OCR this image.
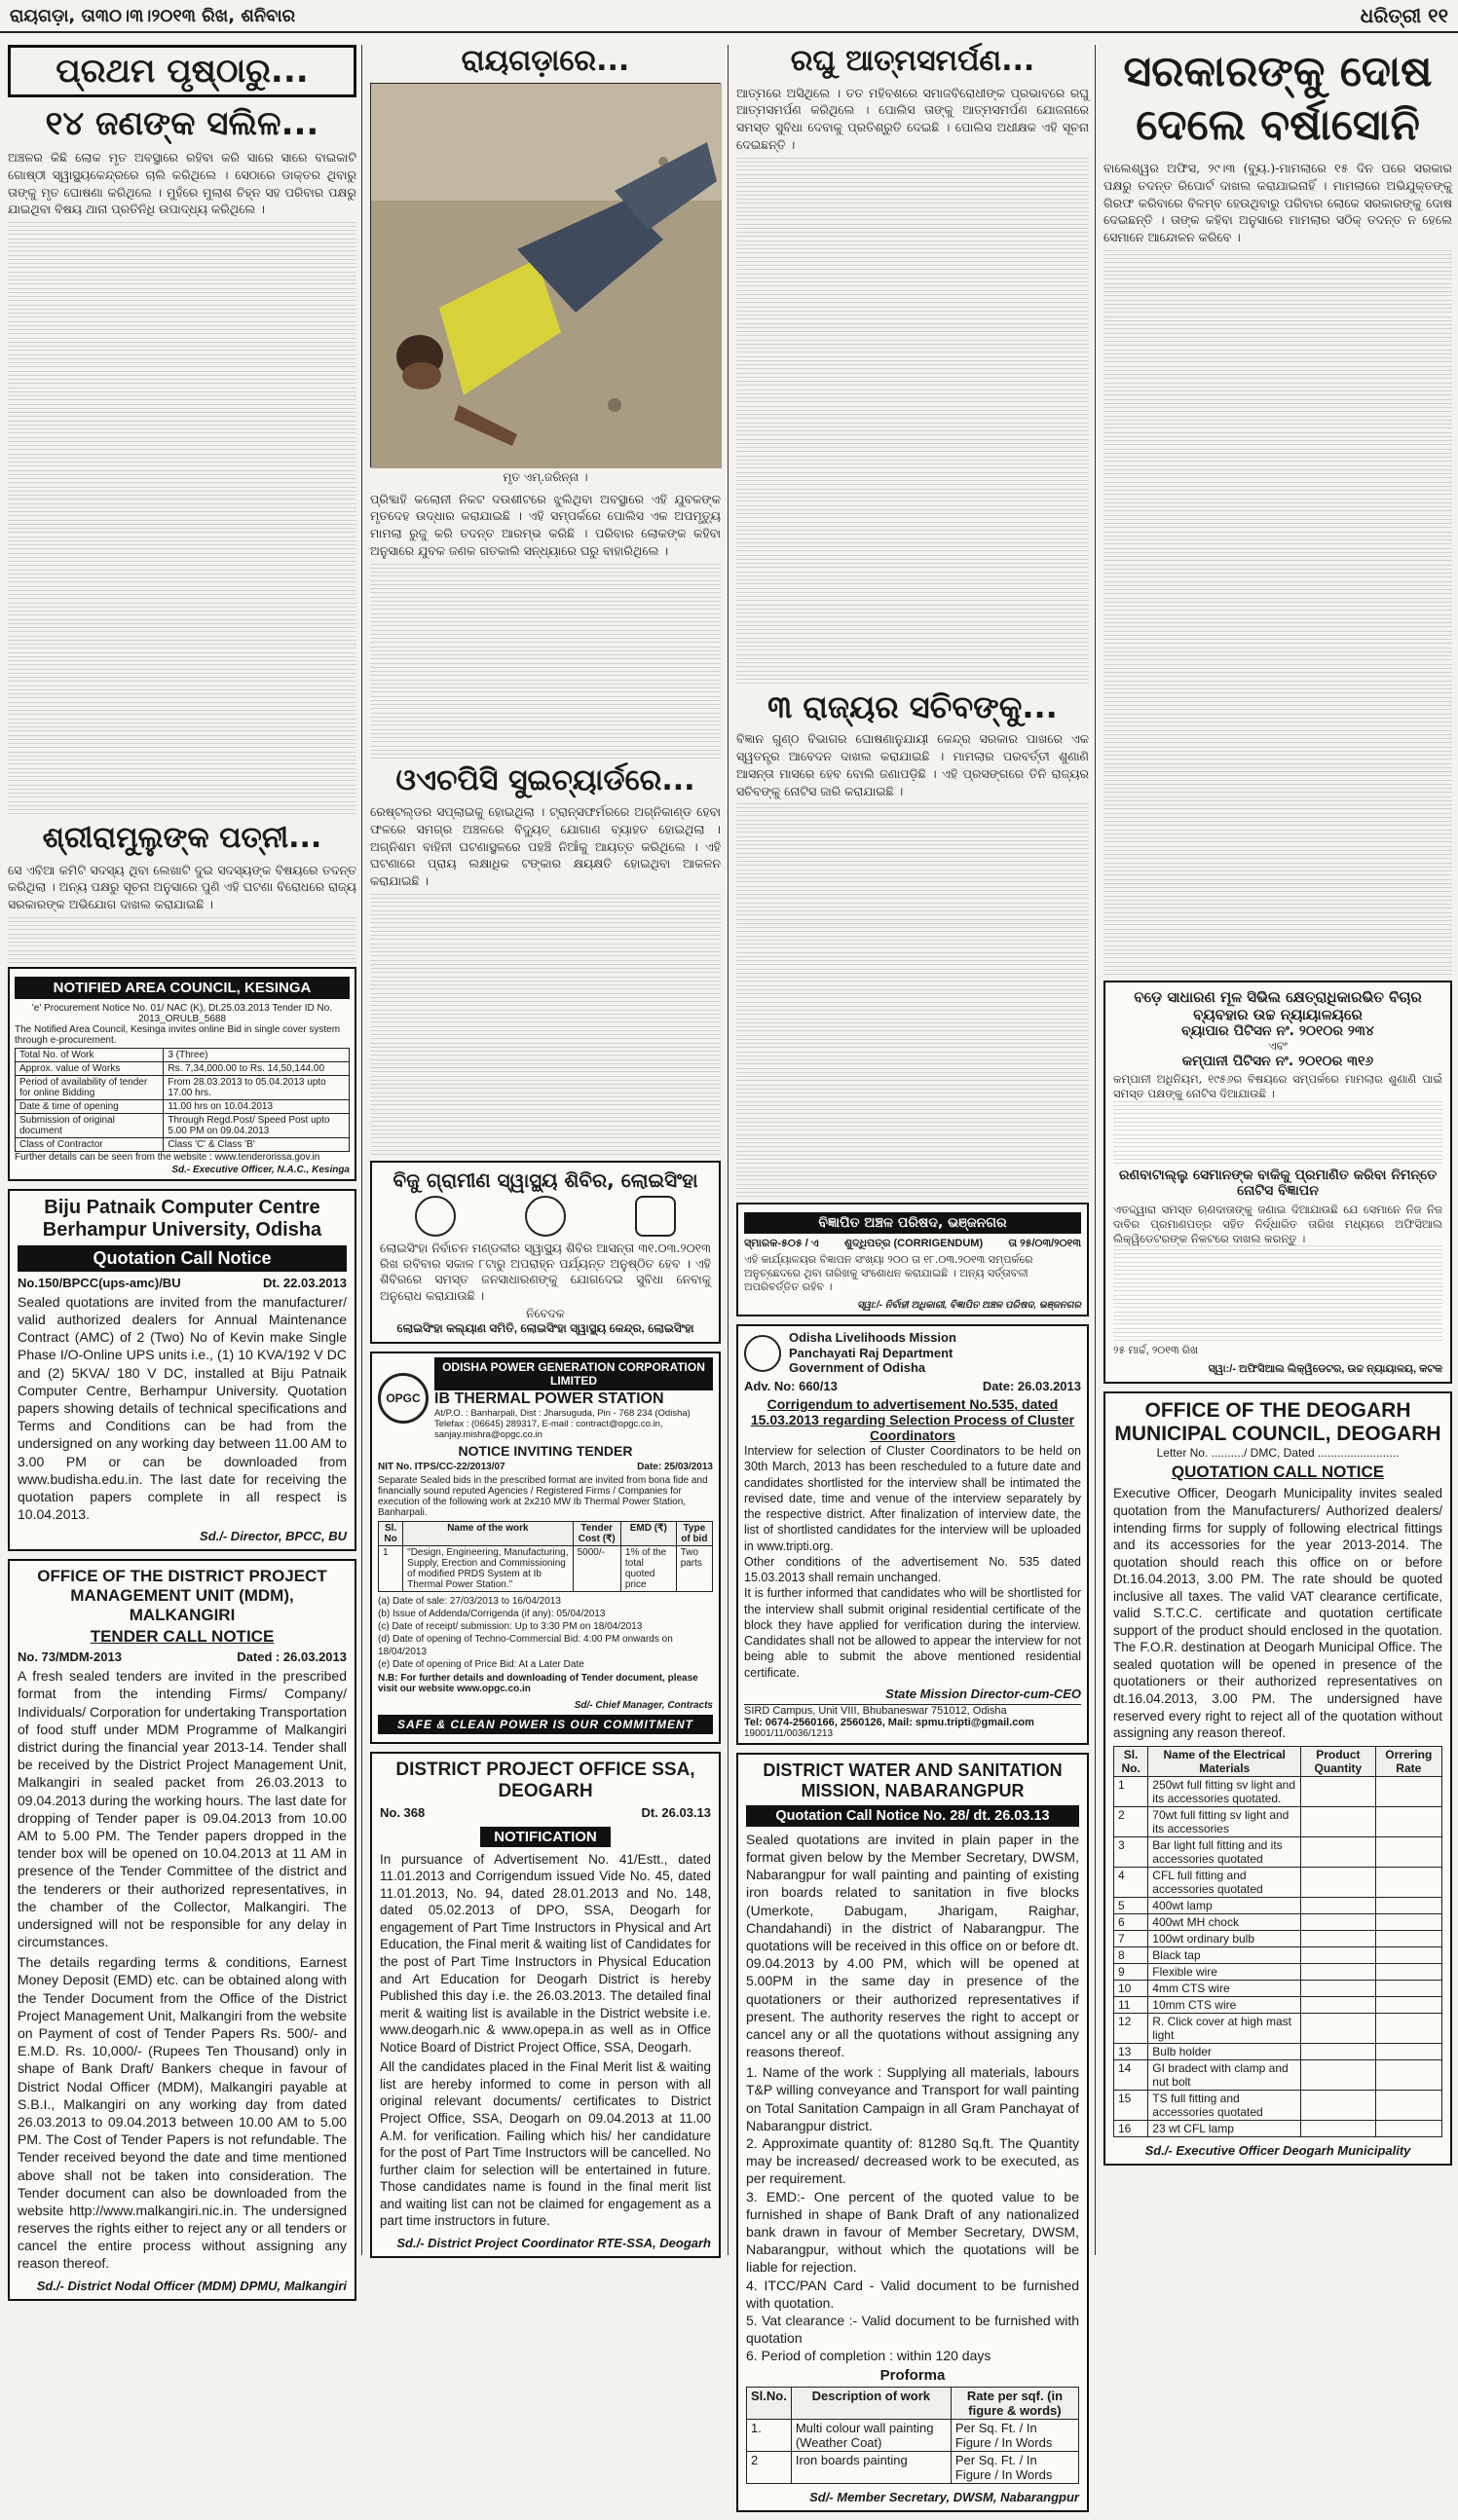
ରାୟଗଡ଼ା, ତା୩୦।୩।୨୦୧୩ ରିଖ, ଶନିବାର	ଧରିତ୍ରୀ ୧୧
ପ୍ରଥମ ପୃଷ୍ଠାରୁ...
୧୪ ଜଣଙ୍କ ସଲିଳ...

ଅଞ୍ଚଳର କିଛି ଲୋକ ମୃତ ଅବସ୍ଥାରେ ରହିବା କରି ସାରେ ସାରେ ବାଇକାଟି ଗୋଷ୍ଠୀ ସ୍ୱାସ୍ଥ୍ୟକେନ୍ଦ୍ରରେ ଚାଲି କରିଥିଲେ । ସେଠାରେ ଡାକ୍ତର ଥିବାରୁ ତାଙ୍କୁ ମୃତ ଘୋଷଣା କରିଥିଲେ । ମୁହଁରେ ମୁଲାଶ ଚିହ୍ନ ସହ ପରିବାର ପକ୍ଷରୁ ଯାଇଥିବା ବିଷୟ ଥାନା ପ୍ରତିନିଧି ଉପାଦ୍ଧ୍ୟ କରିଥିଲେ ।

ଶ୍ରୀରାମୁଲୁଙ୍କ ପତ୍ନୀ...

ସେ ଏବିଆ କମିଟି ସଦସ୍ୟ ଥିବା ଲେଖାଟି ଦୁଇ ସଦସ୍ୟଙ୍କ ବିଷୟରେ ତଦନ୍ତ କରିଥିଲା । ଅନ୍ୟ ପକ୍ଷରୁ ସୂଚନା ଅନୁସାରେ ପୁଣି ଏହି ଘଟଣା ବିରୋଧରେ ରାଜ୍ୟ ସରକାରଙ୍କ ଅଭିଯୋଗ ଦାଖଲ କରାଯାଇଛି ।

NOTIFIED AREA COUNCIL, KESINGA
'e' Procurement Notice No. 01/ NAC (K), Dt.25.03.2013 Tender ID No. 2013_ORULB_5688
The Notified Area Council, Kesinga invites online Bid in single cover system through e-procurement.
Total No. of Work	3 (Three)
Approx. value of Works	Rs. 7,34,000.00 to Rs. 14,50,144.00
Period of availability of tender for online Bidding	From 28.03.2013 to 05.04.2013 upto 17.00 hrs.
Date & time of opening	11.00 hrs on 10.04.2013
Submission of original document	Through Regd.Post/ Speed Post upto 5.00 PM on 09.04.2013
Class of Contractor	Class 'C' & Class 'B'
Further details can be seen from the website : www.tenderorissa.gov.in
Sd.- Executive Officer, N.A.C., Kesinga
Biju Patnaik Computer Centre Berhampur University, Odisha
Quotation Call Notice
No.150/BPCC(ups-amc)/BU	Dt. 22.03.2013
Sealed quotations are invited from the manufacturer/ valid authorized dealers for Annual Maintenance Contract (AMC) of 2 (Two) No of Kevin make Single Phase I/O-Online UPS units i.e., (1) 10 KVA/192 V DC and (2) 5KVA/ 180 V DC, installed at Biju Patnaik Computer Centre, Berhampur University. Quotation papers showing details of technical specifications and Terms and Conditions can be had from the undersigned on any working day between 11.00 AM to 3.00 PM or can be downloaded from www.budisha.edu.in. The last date for receiving the quotation papers complete in all respect is 10.04.2013.
Sd./- Director, BPCC, BU
OFFICE OF THE DISTRICT PROJECT MANAGEMENT UNIT (MDM), MALKANGIRI
TENDER CALL NOTICE
No. 73/MDM-2013	Dated : 26.03.2013
A fresh sealed tenders are invited in the prescribed format from the intending Firms/ Company/ Individuals/ Corporation for undertaking Transportation of food stuff under MDM Programme of Malkangiri district during the financial year 2013-14. Tender shall be received by the District Project Management Unit, Malkangiri in sealed packet from 26.03.2013 to 09.04.2013 during the working hours. The last date for dropping of Tender paper is 09.04.2013 from 10.00 AM to 5.00 PM. The Tender papers dropped in the tender box will be opened on 10.04.2013 at 11 AM in presence of the Tender Committee of the district and the tenderers or their authorized representatives, in the chamber of the Collector, Malkangiri. The undersigned will not be responsible for any delay in circumstances.
The details regarding terms & conditions, Earnest Money Deposit (EMD) etc. can be obtained along with the Tender Document from the Office of the District Project Management Unit, Malkangiri from the website on Payment of cost of Tender Papers Rs. 500/- and E.M.D. Rs. 10,000/- (Rupees Ten Thousand) only in shape of Bank Draft/ Bankers cheque in favour of District Nodal Officer (MDM), Malkangiri payable at S.B.I., Malkangiri on any working day from dated 26.03.2013 to 09.04.2013 between 10.00 AM to 5.00 PM. The Cost of Tender Papers is not refundable. The Tender received beyond the date and time mentioned above shall not be taken into consideration. The Tender document can also be downloaded from the website http://www.malkangiri.nic.in. The undersigned reserves the rights either to reject any or all tenders or cancel the entire process without assigning any reason thereof.
Sd./- District Nodal Officer (MDM) DPMU, Malkangiri
ରାୟଗଡ଼ାରେ...
ମୃତ ଏମ୍‌.ଜରିନ୍ନା ।

ପ୍ରିବ୍ଦାହି କଲୋନୀ ନିକଟ ଦଉଶୀଟରେ ଝୁଲିଥିବା ଅବସ୍ଥାରେ ଏହି ଯୁବକଙ୍କ ମୃତଦେହ ଉଦ୍ଧାର କରାଯାଇଛି । ଏହି ସମ୍ପର୍କରେ ପୋଲିସ ଏକ ଅପମୃତ୍ୟୁ ମାମଲା ରୁଜୁ କରି ତଦନ୍ତ ଆରମ୍ଭ କରିଛି । ପରିବାର ଲୋକଙ୍କ କହିବା ଅନୁସାରେ ଯୁବକ ଜଣକ ଗତକାଲି ସନ୍ଧ୍ୟାରେ ଘରୁ ବାହାରିଥିଲେ ।

ଓଏଚପିସି ସୁଇଚ୍‌ୟାର୍ଡରେ...

ରେଷ୍ଟଲ୍ଡର ସପ୍ଲାଇକୁ ହୋଇଥିଲା । ଟ୍ରାନ୍ସଫର୍ମରରେ ଅଗ୍ନିକାଣ୍ଡ ହେବା ଫଳରେ ସମଗ୍ର ଅଞ୍ଚଳରେ ବିଦ୍ୟୁତ୍ ଯୋଗାଣ ବ୍ୟାହତ ହୋଇଥିଲା । ଅଗ୍ନିଶମ ବାହିନୀ ଘଟଣାସ୍ଥଳରେ ପହଞ୍ଚି ନିଆଁକୁ ଆୟତ୍ତ କରିଥିଲେ । ଏହି ଘଟଣାରେ ପ୍ରାୟ ଲକ୍ଷାଧିକ ଟଙ୍କାର କ୍ଷୟକ୍ଷତି ହୋଇଥିବା ଆକଳନ କରାଯାଇଛି ।

ବିଜୁ ଗ୍ରାମୀଣ ସ୍ୱାସ୍ଥ୍ୟ ଶିବିର, ଲୋଇସିଂହା
ଲୋଇସିଂହା ନିର୍ବାଚନ ମଣ୍ଡଳୀର ସ୍ୱାସ୍ଥ୍ୟ ଶିବିର ଆସନ୍ତା ୩୧.୦୩.୨୦୧୩ ରିଖ ରବିବାର ସକାଳ ୮ଟାରୁ ଅପରାହ୍ନ ପର୍ଯ୍ୟନ୍ତ ଅନୁଷ୍ଠିତ ହେବ । ଏହି ଶିବିରରେ ସମସ୍ତ ଜନସାଧାରଣଙ୍କୁ ଯୋଗଦେଇ ସୁବିଧା ନେବାକୁ ଅନୁରୋଧ କରାଯାଉଛି ।
ନିବେଦକ
ଲୋଇସିଂହା କଲ୍ୟାଣ ସମିତି, ଲୋଇସିଂହା ସ୍ୱାସ୍ଥ୍ୟ କେନ୍ଦ୍ର, ଲୋଇସିଂହା
OPGC
ODISHA POWER GENERATION CORPORATION LIMITED
IB THERMAL POWER STATION
At/P.O. : Banharpali, Dist : Jharsuguda, Pin - 768 234 (Odisha) Telefax : (06645) 289317, E-mail : contract@opgc.co.in, sanjay.mishra@opgc.co.in
NOTICE INVITING TENDER
NIT No. ITPS/CC-22/2013/07	Date: 25/03/2013
Separate Sealed bids in the prescribed format are invited from bona fide and financially sound reputed Agencies / Registered Firms / Companies for execution of the following work at 2x210 MW Ib Thermal Power Station, Banharpali.
Sl. No	Name of the work	Tender Cost (₹)	EMD (₹)	Type of bid
1	"Design, Engineering, Manufacturing, Supply, Erection and Commissioning of modified PRDS System at Ib Thermal Power Station."	5000/-	1% of the total quoted price	Two parts
(a) Date of sale: 27/03/2013 to 16/04/2013
(b) Issue of Addenda/Corrigenda (if any): 05/04/2013
(c) Date of receipt/ submission: Up to 3:30 PM on 18/04/2013
(d) Date of opening of Techno-Commercial Bid: 4:00 PM onwards on 18/04/2013
(e) Date of opening of Price Bid: At a Later Date
N.B: For further details and downloading of Tender document, please visit our website www.opgc.co.in
Sd/- Chief Manager, Contracts
SAFE & CLEAN POWER IS OUR COMMITMENT
DISTRICT PROJECT OFFICE SSA, DEOGARH
No. 368	Dt. 26.03.13
NOTIFICATION
In pursuance of Advertisement No. 41/Estt., dated 11.01.2013 and Corrigendum issued Vide No. 45, dated 11.01.2013, No. 94, dated 28.01.2013 and No. 148, dated 05.02.2013 of DPO, SSA, Deogarh for engagement of Part Time Instructors in Physical and Art Education, the Final merit & waiting list of Candidates for the post of Part Time Instructors in Physical Education and Art Education for Deogarh District is hereby Published this day i.e. the 26.03.2013. The detailed final merit & waiting list is available in the District website i.e. www.deogarh.nic & www.opepa.in as well as in Office Notice Board of District Project Office, SSA, Deogarh.
All the candidates placed in the Final Merit list & waiting list are hereby informed to come in person with all original relevant documents/ certificates to District Project Office, SSA, Deogarh on 09.04.2013 at 11.00 A.M. for verification. Failing which his/ her candidature for the post of Part Time Instructors will be cancelled. No further claim for selection will be entertained in future. Those candidates name is found in the final merit list and waiting list can not be claimed for engagement as a part time instructors in future.
Sd./- District Project Coordinator RTE-SSA, Deogarh
ରଘୁ ଆତ୍ମସମର୍ପଣ...

ଆତ୍ମରେ ଅସିଥିଲେ । ତତ ମହିବଶରେ ସମାଜବିରୋଧୀଙ୍କ ପ୍ରଭାବରେ ରଘୁ ଆତ୍ମସମର୍ପଣ କରିଥିଲେ । ପୋଲିସ ତାଙ୍କୁ ଆତ୍ମସମର୍ପଣ ଯୋଜନାରେ ସମସ୍ତ ସୁବିଧା ଦେବାକୁ ପ୍ରତିଶ୍ରୁତି ଦେଇଛି । ପୋଲିସ ଅଧୀକ୍ଷକ ଏହି ସୂଚନା ଦେଇଛନ୍ତି ।

୩ ରାଜ୍ୟର ସଚିବଙ୍କୁ...

ବିଜ୍ଞାନ ଗୁଣ୍ଠ ବିଭାଗର ଘୋଷଣାନୁଯାୟୀ କେନ୍ଦ୍ର ସରକାର ପାଖରେ ଏକ ସ୍ୱତନ୍ତ୍ର ଆବେଦନ ଦାଖଲ କରାଯାଇଛି । ମାମଲାର ପରବର୍ତ୍ତୀ ଶୁଣାଣି ଆସନ୍ତା ମାସରେ ହେବ ବୋଲି ଜଣାପଡ଼ିଛି । ଏହି ପ୍ରସଙ୍ଗରେ ତିନି ରାଜ୍ୟର ସଚିବଙ୍କୁ ନୋଟିସ ଜାରି କରାଯାଇଛି ।

ବିଜ୍ଞାପିତ ଅଞ୍ଚଳ ପରିଷଦ, ଭଞ୍ଜନଗର
ସ୍ମାରକ-୫୦୫ / ଏ ଶୁଦ୍ଧିପତ୍ର (CORRIGENDUM) ତା ୨୫/୦୩/୨୦୧୩
ଏହି କାର୍ଯ୍ୟାଳୟର ବିଜ୍ଞାପନ ସଂଖ୍ୟା ୨୦୦ ତା ୧୮.୦୩.୨୦୧୩ ସମ୍ପର୍କରେ ଅନୁଚ୍ଛେଦରେ ଥିବା ତାରିଖକୁ ସଂଶୋଧନ କରାଯାଇଛି । ଅନ୍ୟ ସର୍ତ୍ତାବଳୀ ଅପରିବର୍ତ୍ତିତ ରହିବ ।
ସ୍ୱା:/- ନିର୍ବାହୀ ଅଧିକାରୀ, ବିଜ୍ଞାପିତ ଅଞ୍ଚଳ ପରିଷଦ, ଭଞ୍ଜନଗର
Odisha Livelihoods Mission
Panchayati Raj Department
Government of Odisha
Adv. No: 660/13	Date: 26.03.2013
Corrigendum to advertisement No.535, dated 15.03.2013 regarding Selection Process of Cluster Coordinators
Interview for selection of Cluster Coordinators to be held on 30th March, 2013 has been rescheduled to a future date and candidates shortlisted for the interview shall be intimated the revised date, time and venue of the interview separately by the respective district. After finalization of interview date, the list of shortlisted candidates for the interview will be uploaded in www.tripti.org.
Other conditions of the advertisement No. 535 dated 15.03.2013 shall remain unchanged.
It is further informed that candidates who will be shortlisted for the interview shall submit original residential certificate of the block they have applied for verification during the interview. Candidates shall not be allowed to appear the interview for not being able to submit the above mentioned residential certificate.
State Mission Director-cum-CEO
SIRD Campus, Unit VIII, Bhubaneswar 751012, Odisha
Tel: 0674-2560166, 2560126, Mail: spmu.tripti@gmail.com
19001/11/0036/1213
DISTRICT WATER AND SANITATION MISSION, NABARANGPUR
Quotation Call Notice No. 28/ dt. 26.03.13
Sealed quotations are invited in plain paper in the format given below by the Member Secretary, DWSM, Nabarangpur for wall painting and painting of existing iron boards related to sanitation in five blocks (Umerkote, Dabugam, Jharigam, Raighar, Chandahandi) in the district of Nabarangpur. The quotations will be received in this office on or before dt. 09.04.2013 by 4.00 PM, which will be opened at 5.00PM in the same day in presence of the quotationers or their authorized representatives if present. The authority reserves the right to accept or cancel any or all the quotations without assigning any reasons thereof.
1. Name of the work : Supplying all materials, labours T&P willing conveyance and Transport for wall painting on Total Sanitation Campaign in all Gram Panchayat of Nabarangpur district.
2. Approximate quantity of: 81280 Sq.ft. The Quantity may be increased/ decreased work to be executed, as per requirement.
3. EMD:- One percent of the quoted value to be furnished in shape of Bank Draft of any nationalized bank drawn in favour of Member Secretary, DWSM, Nabarangpur, without which the quotations will be liable for rejection.
4. ITCC/PAN Card - Valid document to be furnished with quotation.
5. Vat clearance :- Valid document to be furnished with quotation
6. Period of completion : within 120 days
Proforma
Sl.No.	Description of work	Rate per sqf. (in figure & words)
1.	Multi colour wall painting (Weather Coat)	Per Sq. Ft. / In Figure / In Words
2	Iron boards painting	Per Sq. Ft. / In Figure / In Words
Sd/- Member Secretary, DWSM, Nabarangpur
ସରକାରଙ୍କୁ ଦୋଷ ଦେଲେ ବର୍ଷାସୋନି

ବାଲେଶ୍ୱର ଅଫିସ, ୨୯।୩ (ବ୍ୟୁ.)-ମାମଲାରେ ୧୫ ଦିନ ପରେ ସରକାର ପକ୍ଷରୁ ତଦନ୍ତ ରିପୋର୍ଟ ଦାଖଲ କରାଯାଇନାହିଁ । ମାମଲାରେ ଅଭିଯୁକ୍ତଙ୍କୁ ଗିରଫ କରିବାରେ ବିଳମ୍ବ ହେଉଥିବାରୁ ପରିବାର ଲୋକେ ସରକାରଙ୍କୁ ଦୋଷ ଦେଇଛନ୍ତି । ତାଙ୍କ କହିବା ଅନୁସାରେ ମାମଲାର ସଠିକ୍ ତଦନ୍ତ ନ ହେଲେ ସେମାନେ ଆନ୍ଦୋଳନ କରିବେ ।

ବଡ଼େ ସାଧାରଣ ମୂଳ ସିଭିଲ କ୍ଷେତ୍ରାଧିକାରଭିତ ବିଚାର ବ୍ୟବହାର ଉଚ୍ଚ ନ୍ୟାୟାଳୟରେ
ବ୍ୟାପାର ପିଟିସନ ନଂ. ୨୦୧୦ର ୨୩୪
ଏବଂ
କମ୍ପାନୀ ପିଟିସନ ନଂ. ୨୦୧୦ର ୩୧୬
କମ୍ପାନୀ ଅଧିନିୟମ, ୧୯୫୬ର ବିଷୟରେ ସମ୍ପର୍କରେ ମାମଲାର ଶୁଣାଣି ପାଇଁ ସମସ୍ତ ପକ୍ଷଙ୍କୁ ନୋଟିସ ଦିଆଯାଉଛି ।
ରଣବାଟାଲ୍ଲୁ ସେମାନଙ୍କ ବାକିକୁ ପ୍ରମାଣିତ କରିବା ନିମନ୍ତେ ନୋଟିସ ବିଜ୍ଞାପନ
ଏତଦ୍ଦ୍ୱାରା ସମସ୍ତ ଋଣଦାତାଙ୍କୁ ଜଣାଇ ଦିଆଯାଉଛି ଯେ ସେମାନେ ନିଜ ନିଜ ଦାବିର ପ୍ରମାଣପତ୍ର ସହିତ ନିର୍ଦ୍ଧାରିତ ତାରିଖ ମଧ୍ୟରେ ଅଫିସିଆଲ ଲିକ୍ୱିଡେଟରଙ୍କ ନିକଟରେ ଦାଖଲ କରନ୍ତୁ ।
୨୫ ମାର୍ଚ୍ଚ, ୨୦୧୩ ରିଖ
ସ୍ୱା:/- ଅଫିସିଆଲ ଲିକ୍ୱିଡେଟର, ଉଚ୍ଚ ନ୍ୟାୟାଳୟ, କଟକ
OFFICE OF THE DEOGARH MUNICIPAL COUNCIL, DEOGARH
Letter No. ........../ DMC, Dated .........................
QUOTATION CALL NOTICE
Executive Officer, Deogarh Municipality invites sealed quotation from the Manufacturers/ Authorized dealers/ intending firms for supply of following electrical fittings and its accessories for the year 2013-2014. The quotation should reach this office on or before Dt.16.04.2013, 3.00 PM. The rate should be quoted inclusive all taxes. The valid VAT clearance certificate, valid S.T.C.C. certificate and quotation certificate support of the product should enclosed in the quotation. The F.O.R. destination at Deogarh Municipal Office. The sealed quotation will be opened in presence of the quotationers or their authorized representatives on dt.16.04.2013, 3.00 PM. The undersigned have reserved every right to reject all of the quotation without assigning any reason thereof.
Sl. No.	Name of the Electrical Materials	Product Quantity	Orrering Rate
1	250wt full fitting sv light and its accessories quotated.		
2	70wt full fitting sv light and its accessories		
3	Bar light full fitting and its accessories quotated		
4	CFL full fitting and accessories quotated		
5	400wt lamp		
6	400wt MH chock		
7	100wt ordinary bulb		
8	Black tap		
9	Flexible wire		
10	4mm CTS wire		
11	10mm CTS wire		
12	R. Click cover at high mast light		
13	Bulb holder		
14	GI bradect with clamp and nut bolt		
15	TS full fitting and accessories quotated		
16	23 wt CFL lamp		
Sd./- Executive Officer Deogarh Municipality
